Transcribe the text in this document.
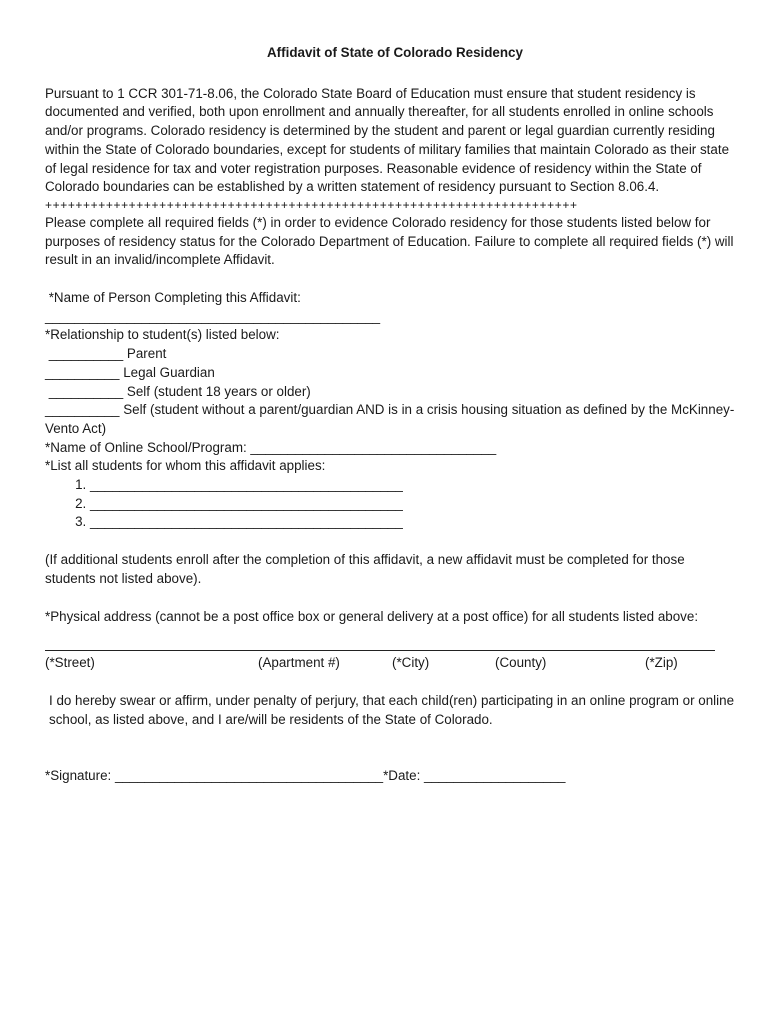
Affidavit of State of Colorado Residency

Pursuant to 1 CCR 301-71-8.06, the Colorado State Board of Education must ensure that student residency is documented and verified, both upon enrollment and annually thereafter, for all students enrolled in online schools and/or programs. Colorado residency is determined by the student and parent or legal guardian currently residing within the State of Colorado boundaries, except for students of military families that maintain Colorado as their state of legal residence for tax and voter registration purposes. Reasonable evidence of residency within the State of Colorado boundaries can be established by a written statement of residency pursuant to Section 8.06.4.

++++++++++++++++++++++++++++++++++++++++++++++++++++++++++++++++++++++

Please complete all required fields (*) in order to evidence Colorado residency for those students listed below for purposes of residency status for the Colorado Department of Education. Failure to complete all required fields (*) will result in an invalid/incomplete Affidavit.

*Name of Person Completing this Affidavit:
_____________________________________________
*Relationship to student(s) listed below:
__________ Parent
__________ Legal Guardian
__________ Self (student 18 years or older)
__________ Self (student without a parent/guardian AND is in a crisis housing situation as defined by the McKinney-Vento Act)
*Name of Online School/Program: _________________________________
*List all students for whom this affidavit applies:
1. __________________________________________
2. __________________________________________
3. __________________________________________

(If additional students enroll after the completion of this affidavit, a new affidavit must be completed for those students not listed above).

*Physical address (cannot be a post office box or general delivery at a post office) for all students listed above:

(*Street)	(Apartment #)	(*City)	(County)	(*Zip)

I do hereby swear or affirm, under penalty of perjury, that each child(ren) participating in an online program or online school, as listed above, and I are/will be residents of the State of Colorado.

*Signature: ____________________________________*Date: ___________________
